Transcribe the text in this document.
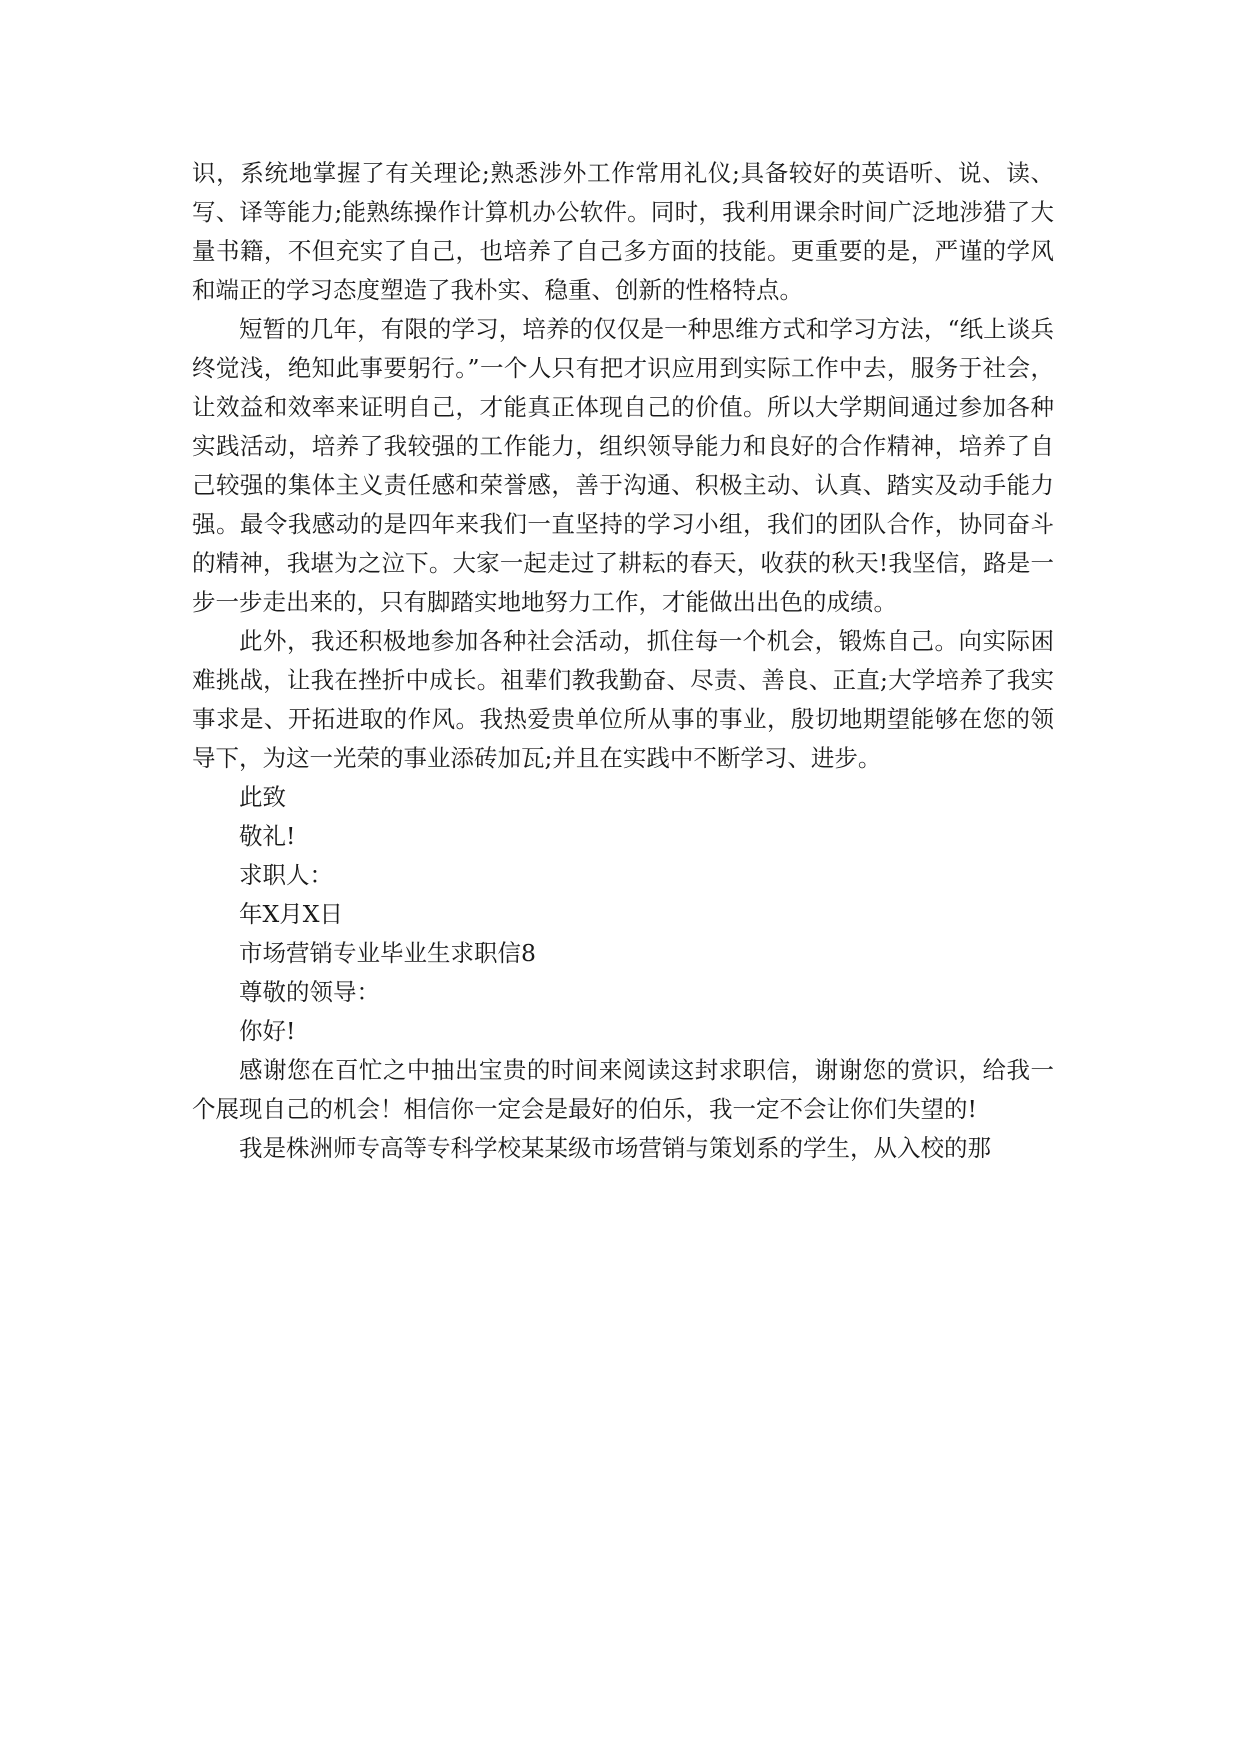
识，系统地掌握了有关理论;熟悉涉外工作常用礼仪;具备较好的英语听、说、读、写、译等能力;能熟练操作计算机办公软件。同时，我利用课余时间广泛地涉猎了大量书籍，不但充实了自己，也培养了自己多方面的技能。更重要的是，严谨的学风和端正的学习态度塑造了我朴实、稳重、创新的性格特点。

短暂的几年，有限的学习，培养的仅仅是一种思维方式和学习方法，“纸上谈兵终觉浅，绝知此事要躬行。”一个人只有把才识应用到实际工作中去，服务于社会，让效益和效率来证明自己，才能真正体现自己的价值。所以大学期间通过参加各种实践活动，培养了我较强的工作能力，组织领导能力和良好的合作精神，培养了自己较强的集体主义责任感和荣誉感，善于沟通、积极主动、认真、踏实及动手能力强。最令我感动的是四年来我们一直坚持的学习小组，我们的团队合作，协同奋斗的精神，我堪为之泣下。大家一起走过了耕耘的春天，收获的秋天!我坚信，路是一步一步走出来的，只有脚踏实地地努力工作，才能做出出色的成绩。

此外，我还积极地参加各种社会活动，抓住每一个机会，锻炼自己。向实际困难挑战，让我在挫折中成长。祖辈们教我勤奋、尽责、善良、正直;大学培养了我实事求是、开拓进取的作风。我热爱贵单位所从事的事业，殷切地期望能够在您的领导下，为这一光荣的事业添砖加瓦;并且在实践中不断学习、进步。

此致

敬礼!

求职人：

年X月X日

市场营销专业毕业生求职信8

尊敬的领导：

你好!

感谢您在百忙之中抽出宝贵的时间来阅读这封求职信，谢谢您的赏识，给我一个展现自己的机会！相信你一定会是最好的伯乐，我一定不会让你们失望的!

我是株洲师专高等专科学校某某级市场营销与策划系的学生，从入校的那
